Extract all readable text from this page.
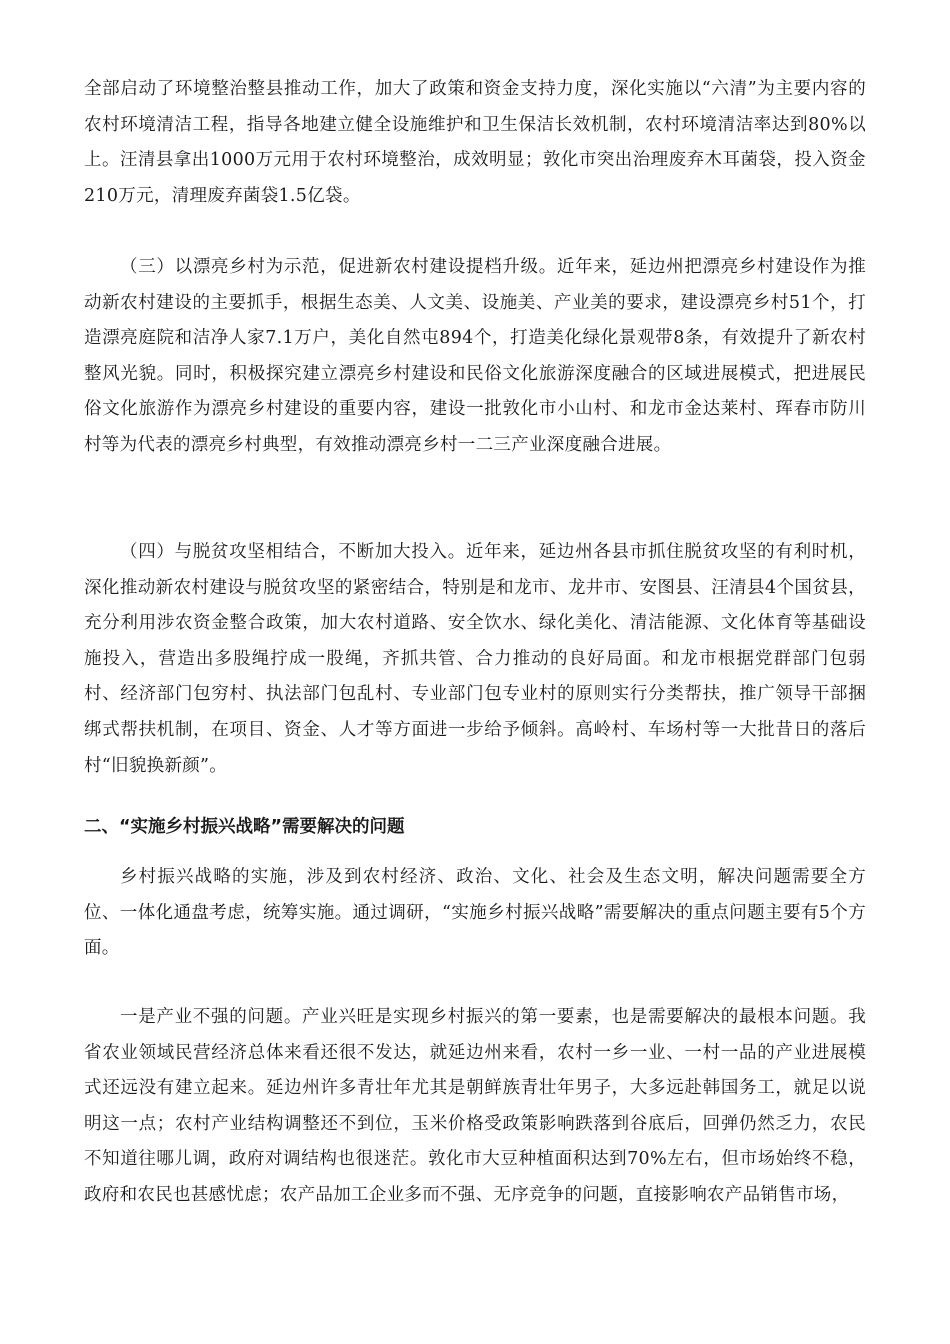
全部启动了环境整治整县推动工作，加大了政策和资金支持力度，深化实施以“六清”为主要内容的农村环境清洁工程，指导各地建立健全设施维护和卫生保洁长效机制，农村环境清洁率达到80%以上。汪清县拿出1000万元用于农村环境整治，成效明显；敦化市突出治理废弃木耳菌袋，投入资金210万元，清理废弃菌袋1.5亿袋。

（三）以漂亮乡村为示范，促进新农村建设提档升级。近年来，延边州把漂亮乡村建设作为推动新农村建设的主要抓手，根据生态美、人文美、设施美、产业美的要求，建设漂亮乡村51个，打造漂亮庭院和洁净人家7.1万户，美化自然屯894个，打造美化绿化景观带8条，有效提升了新农村整风光貌。同时，积极探究建立漂亮乡村建设和民俗文化旅游深度融合的区域进展模式，把进展民俗文化旅游作为漂亮乡村建设的重要内容，建设一批敦化市小山村、和龙市金达莱村、珲春市防川村等为代表的漂亮乡村典型，有效推动漂亮乡村一二三产业深度融合进展。

（四）与脱贫攻坚相结合，不断加大投入。近年来，延边州各县市抓住脱贫攻坚的有利时机，深化推动新农村建设与脱贫攻坚的紧密结合，特别是和龙市、龙井市、安图县、汪清县4个国贫县，充分利用涉农资金整合政策，加大农村道路、安全饮水、绿化美化、清洁能源、文化体育等基础设施投入，营造出多股绳拧成一股绳，齐抓共管、合力推动的良好局面。和龙市根据党群部门包弱村、经济部门包穷村、执法部门包乱村、专业部门包专业村的原则实行分类帮扶，推广领导干部捆绑式帮扶机制，在项目、资金、人才等方面进一步给予倾斜。高岭村、车场村等一大批昔日的落后村“旧貌换新颜”。

二、“实施乡村振兴战略”需要解决的问题

乡村振兴战略的实施，涉及到农村经济、政治、文化、社会及生态文明，解决问题需要全方位、一体化通盘考虑，统筹实施。通过调研，“实施乡村振兴战略”需要解决的重点问题主要有5个方面。

一是产业不强的问题。产业兴旺是实现乡村振兴的第一要素，也是需要解决的最根本问题。我省农业领域民营经济总体来看还很不发达，就延边州来看，农村一乡一业、一村一品的产业进展模式还远没有建立起来。延边州许多青壮年尤其是朝鲜族青壮年男子，大多远赴韩国务工，就足以说明这一点；农村产业结构调整还不到位，玉米价格受政策影响跌落到谷底后，回弹仍然乏力，农民不知道往哪儿调，政府对调结构也很迷茫。敦化市大豆种植面积达到70%左右，但市场始终不稳，政府和农民也甚感忧虑；农产品加工企业多而不强、无序竞争的问题，直接影响农产品销售市场，
